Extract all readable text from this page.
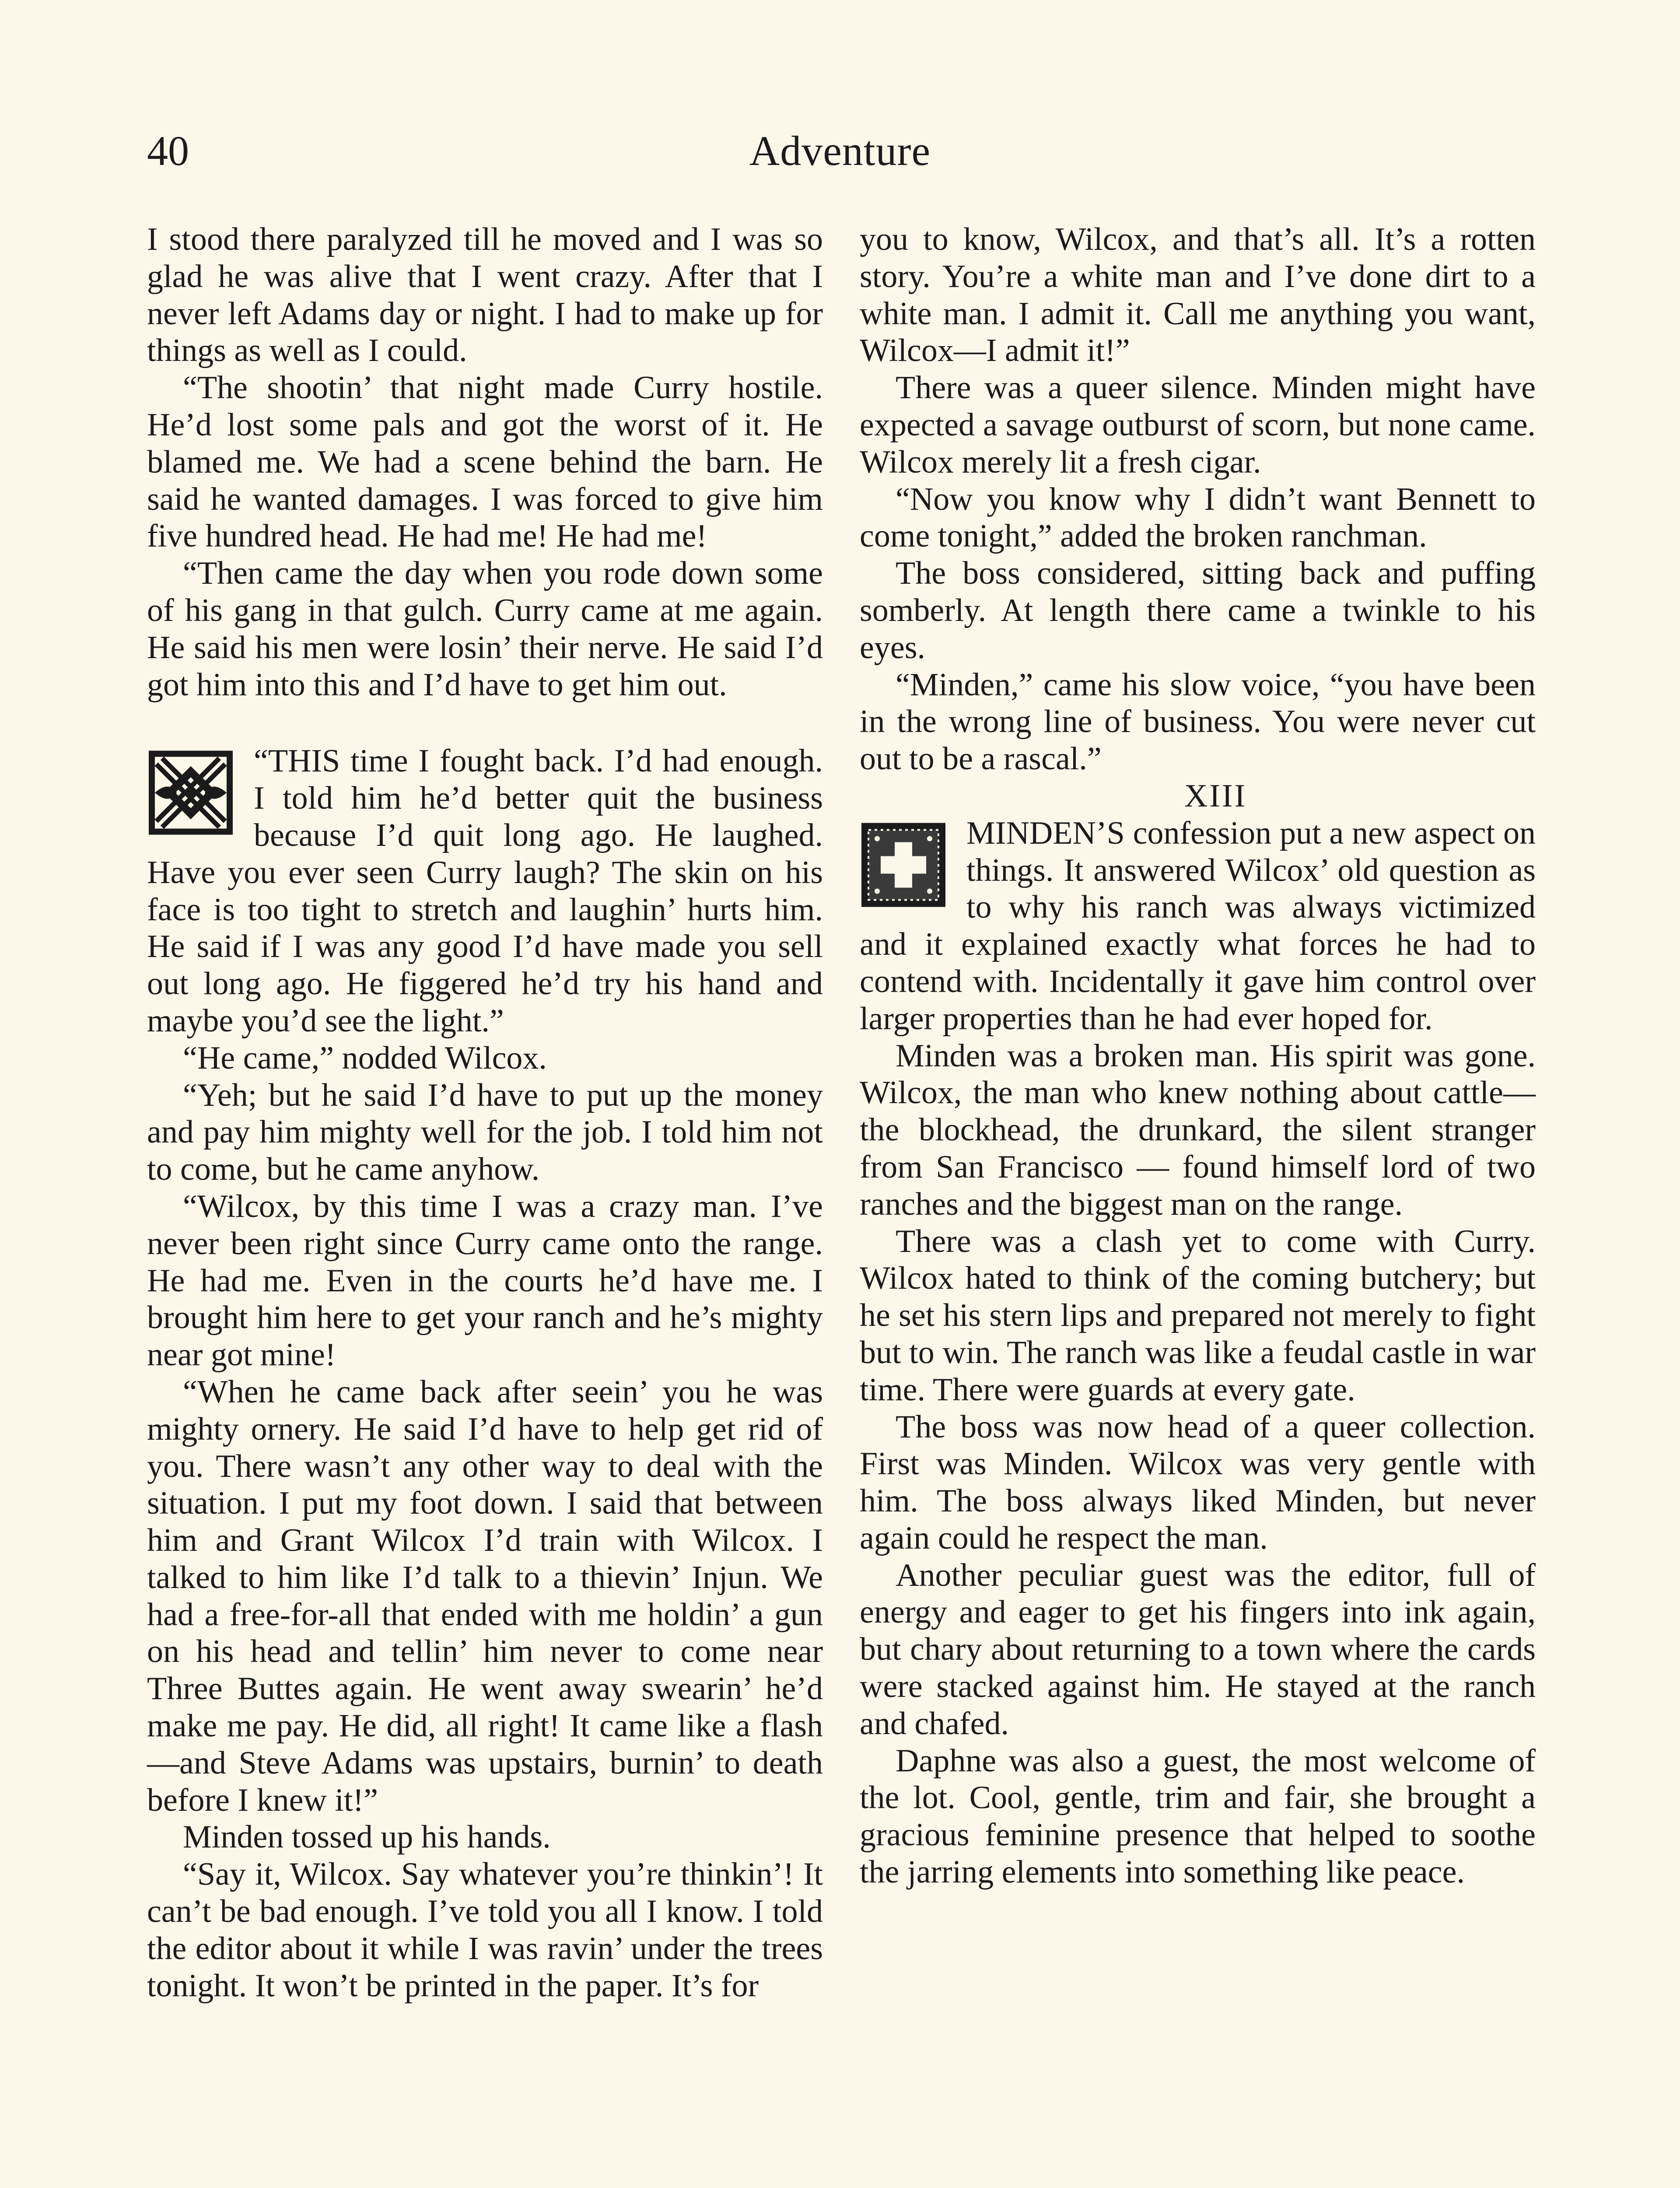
40	Adventure

I stood there paralyzed till he moved and I was so glad he was alive that I went crazy. After that I never left Adams day or night. I had to make up for things as well as I could.

“The shootin’ that night made Curry hostile. He’d lost some pals and got the worst of it. He blamed me. We had a scene behind the barn. He said he wanted damages. I was forced to give him five hundred head. He had me! He had me!

“Then came the day when you rode down some of his gang in that gulch. Curry came at me again. He said his men were losin’ their nerve. He said I’d got him into this and I’d have to get him out.

“THIS time I fought back. I’d had enough. I told him he’d better quit the business because I’d quit long ago. He laughed. Have you ever seen Curry laugh? The skin on his face is too tight to stretch and laughin’ hurts him. He said if I was any good I’d have made you sell out long ago. He figgered he’d try his hand and maybe you’d see the light.”

“He came,” nodded Wilcox.

“Yeh; but he said I’d have to put up the money and pay him mighty well for the job. I told him not to come, but he came anyhow.

“Wilcox, by this time I was a crazy man. I’ve never been right since Curry came onto the range. He had me. Even in the courts he’d have me. I brought him here to get your ranch and he’s mighty near got mine!

“When he came back after seein’ you he was mighty ornery. He said I’d have to help get rid of you. There wasn’t any other way to deal with the situation. I put my foot down. I said that between him and Grant Wilcox I’d train with Wilcox. I talked to him like I’d talk to a thievin’ Injun. We had a free-for-all that ended with me holdin’ a gun on his head and tellin’ him never to come near Three Buttes again. He went away swearin’ he’d make me pay. He did, all right! It came like a flash—and Steve Adams was upstairs, burnin’ to death before I knew it!”

Minden tossed up his hands.

“Say it, Wilcox. Say whatever you’re thinkin’! It can’t be bad enough. I’ve told you all I know. I told the editor about it while I was ravin’ under the trees tonight. It won’t be printed in the paper. It’s for

you to know, Wilcox, and that’s all. It’s a rotten story. You’re a white man and I’ve done dirt to a white man. I admit it. Call me anything you want, Wilcox—I admit it!”

There was a queer silence. Minden might have expected a savage outburst of scorn, but none came. Wilcox merely lit a fresh cigar.

“Now you know why I didn’t want Bennett to come tonight,” added the broken ranchman.

The boss considered, sitting back and puffing somberly. At length there came a twinkle to his eyes.

“Minden,” came his slow voice, “you have been in the wrong line of business. You were never cut out to be a rascal.”

XIII

MINDEN’S confession put a new aspect on things. It answered Wilcox’ old question as to why his ranch was always victimized and it explained exactly what forces he had to contend with. Incidentally it gave him control over larger properties than he had ever hoped for.

Minden was a broken man. His spirit was gone. Wilcox, the man who knew nothing about cattle—the blockhead, the drunkard, the silent stranger from San Francisco — found himself lord of two ranches and the biggest man on the range.

There was a clash yet to come with Curry. Wilcox hated to think of the coming butchery; but he set his stern lips and prepared not merely to fight but to win. The ranch was like a feudal castle in war time. There were guards at every gate.

The boss was now head of a queer collection. First was Minden. Wilcox was very gentle with him. The boss always liked Minden, but never again could he respect the man.

Another peculiar guest was the editor, full of energy and eager to get his fingers into ink again, but chary about returning to a town where the cards were stacked against him. He stayed at the ranch and chafed.

Daphne was also a guest, the most welcome of the lot. Cool, gentle, trim and fair, she brought a gracious feminine presence that helped to soothe the jarring elements into something like peace.
